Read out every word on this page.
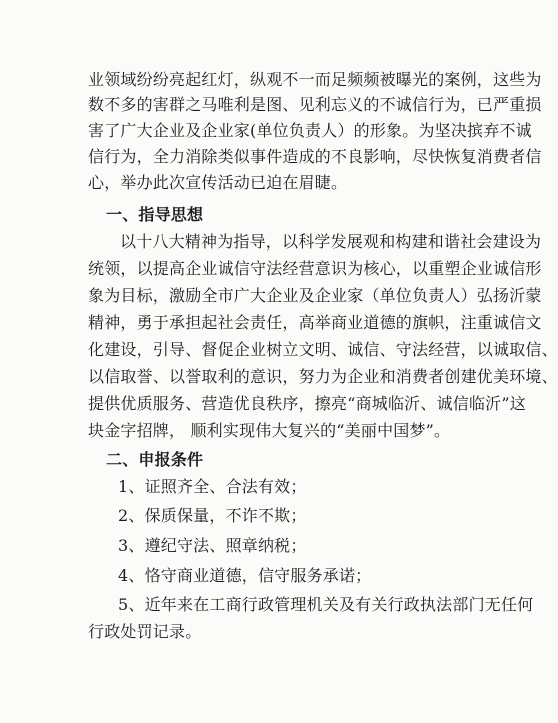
业领域纷纷亮起红灯，纵观不一而足频频被曝光的案例，这些为
数不多的害群之马唯利是图、见利忘义的不诚信行为，已严重损
害了广大企业及企业家(单位负责人）的形象。为坚决摈弃不诚
信行为，全力消除类似事件造成的不良影响，尽快恢复消费者信
心，举办此次宣传活动已迫在眉睫。
一、指导思想
以十八大精神为指导，以科学发展观和构建和谐社会建设为
统领，以提高企业诚信守法经营意识为核心，以重塑企业诚信形
象为目标，激励全市广大企业及企业家（单位负责人）弘扬沂蒙
精神，勇于承担起社会责任，高举商业道德的旗帜，注重诚信文
化建设，引导、督促企业树立文明、诚信、守法经营，以诚取信、
以信取誉、以誉取利的意识，努力为企业和消费者创建优美环境、
提供优质服务、营造优良秩序，擦亮“商城临沂、诚信临沂”这
块金字招牌， 顺利实现伟大复兴的“美丽中国梦”。
二、申报条件
1、证照齐全、合法有效；
2、保质保量，不诈不欺；
3、遵纪守法、照章纳税；
4、恪守商业道德，信守服务承诺；
5、近年来在工商行政管理机关及有关行政执法部门无任何
行政处罚记录。
